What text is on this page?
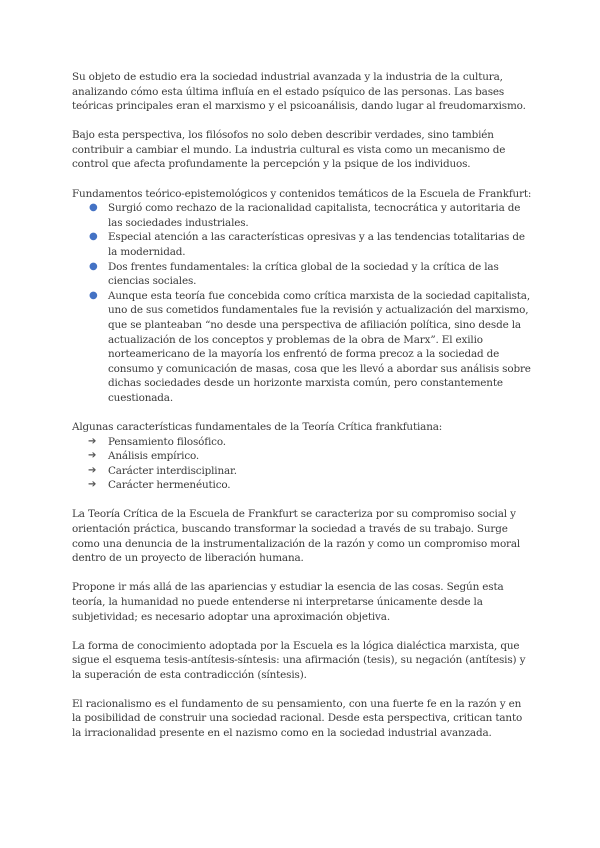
Su objeto de estudio era la sociedad industrial avanzada y la industria de la cultura, analizando cómo esta última influía en el estado psíquico de las personas. Las bases teóricas principales eran el marxismo y el psicoanálisis, dando lugar al freudomarxismo.

Bajo esta perspectiva, los filósofos no solo deben describir verdades, sino también contribuir a cambiar el mundo. La industria cultural es vista como un mecanismo de control que afecta profundamente la percepción y la psique de los individuos.

Fundamentos teórico-epistemológicos y contenidos temáticos de la Escuela de Frankfurt:

● Surgió como rechazo de la racionalidad capitalista, tecnocrática y autoritaria de las sociedades industriales.
● Especial atención a las características opresivas y a las tendencias totalitarias de la modernidad.
● Dos frentes fundamentales: la crítica global de la sociedad y la crítica de las ciencias sociales.
● Aunque esta teoría fue concebida como crítica marxista de la sociedad capitalista, uno de sus cometidos fundamentales fue la revisión y actualización del marxismo, que se planteaban “no desde una perspectiva de afiliación política, sino desde la actualización de los conceptos y problemas de la obra de Marx”. El exilio norteamericano de la mayoría los enfrentó de forma precoz a la sociedad de consumo y comunicación de masas, cosa que les llevó a abordar sus análisis sobre dichas sociedades desde un horizonte marxista común, pero constantemente cuestionada.

Algunas características fundamentales de la Teoría Crítica frankfutiana:

➔ Pensamiento filosófico.
➔ Análisis empírico.
➔ Carácter interdisciplinar.
➔ Carácter hermenéutico.

La Teoría Crítica de la Escuela de Frankfurt se caracteriza por su compromiso social y orientación práctica, buscando transformar la sociedad a través de su trabajo. Surge como una denuncia de la instrumentalización de la razón y como un compromiso moral dentro de un proyecto de liberación humana.

Propone ir más allá de las apariencias y estudiar la esencia de las cosas. Según esta teoría, la humanidad no puede entenderse ni interpretarse únicamente desde la subjetividad; es necesario adoptar una aproximación objetiva.

La forma de conocimiento adoptada por la Escuela es la lógica dialéctica marxista, que sigue el esquema tesis-antítesis-síntesis: una afirmación (tesis), su negación (antítesis) y la superación de esta contradicción (síntesis).

El racionalismo es el fundamento de su pensamiento, con una fuerte fe en la razón y en la posibilidad de construir una sociedad racional. Desde esta perspectiva, critican tanto la irracionalidad presente en el nazismo como en la sociedad industrial avanzada.
